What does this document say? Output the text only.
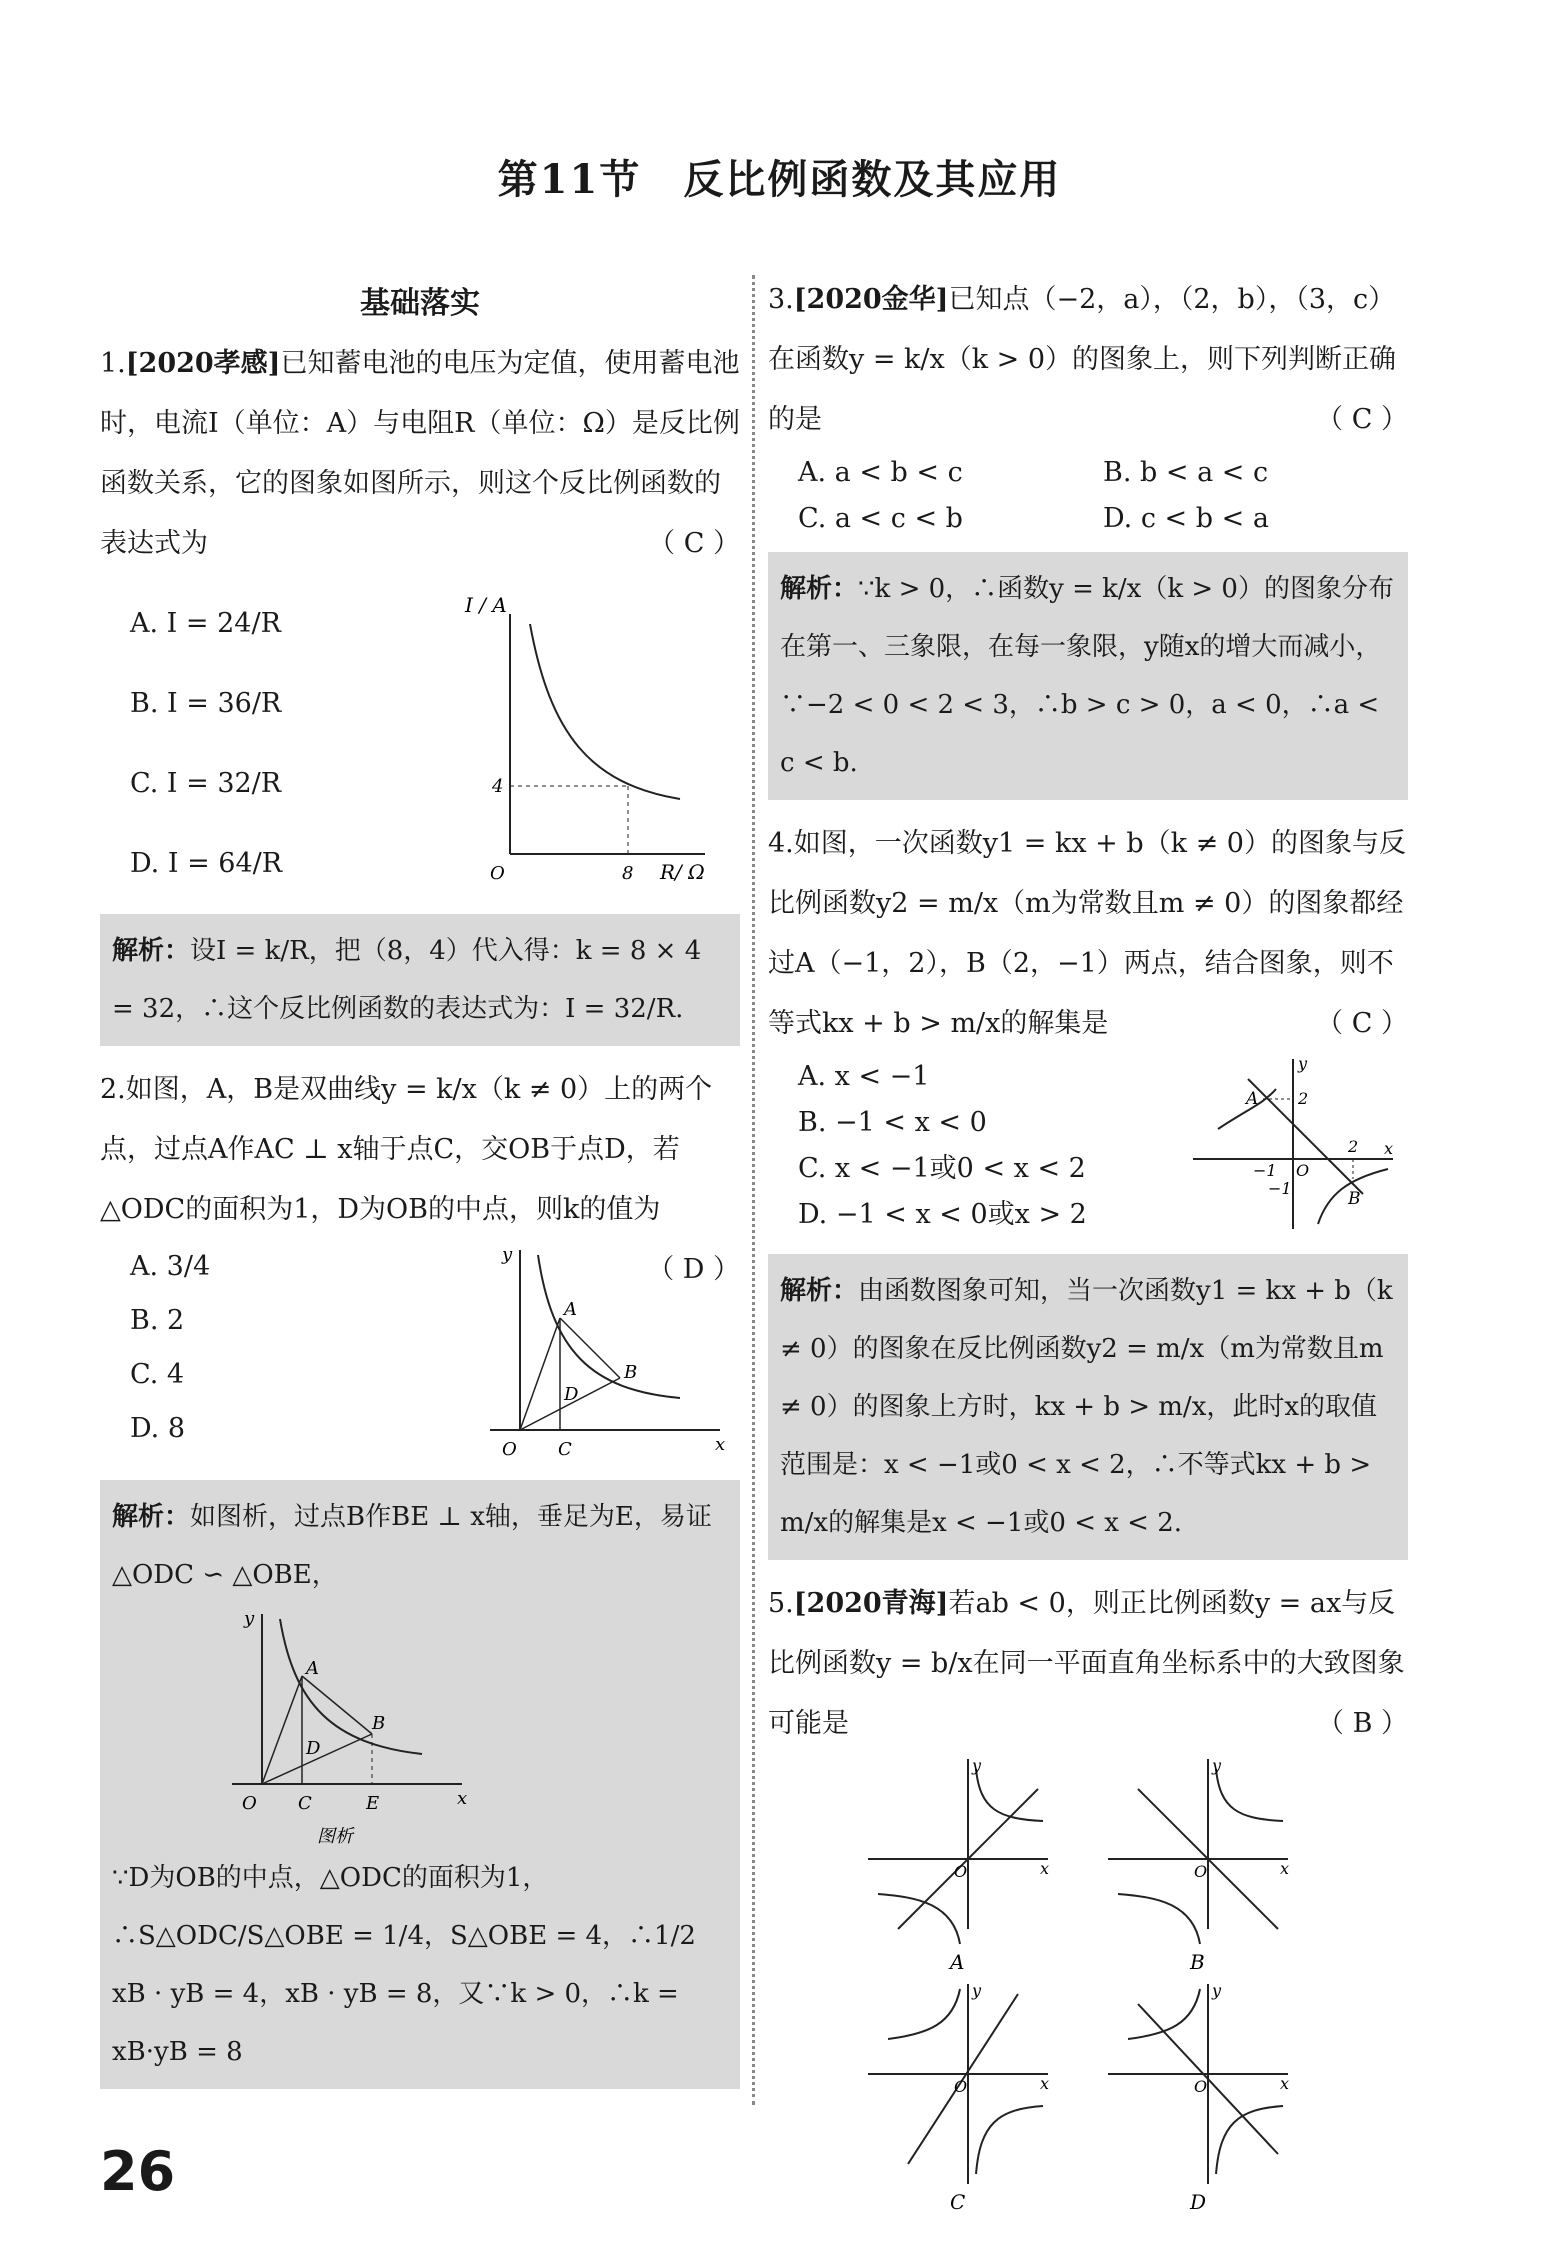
第11节　反比例函数及其应用
基础落实
1.[2020孝感]已知蓄电池的电压为定值，使用蓄电池时，电流I（单位：A）与电阻R（单位：Ω）是反比例函数关系，它的图象如图所示，则这个反比例函数的表达式为	（ C ）
A. I = 24/R
B. I = 36/R
C. I = 32/R
D. I = 64/R
I / A
4
8
O	R/ Ω
解析：设I = k/R，把（8，4）代入得：k = 8 × 4 = 32，∴这个反比例函数的表达式为：I = 32/R.
2.如图，A，B是双曲线y = k/x（k ≠ 0）上的两个点，过点A作AC ⊥ x轴于点C，交OB于点D，若△ODC的面积为1，D为OB的中点，则k的值为
（ D ）
A. 3/4
B. 2
C. 4
D. 8
y
x
O
A
B
C
D
解析：如图析，过点B作BE ⊥ x轴，垂足为E，易证△ODC ∽ △OBE，
y
x
O
A
B
C
D
E
图析
∵D为OB的中点，△ODC的面积为1，∴S△ODC/S△OBE = 1/4，S△OBE = 4，∴1/2 xB · yB = 4，xB · yB = 8，又∵k > 0，∴k = xB·yB = 8
3.[2020金华]已知点（−2，a），（2，b），（3，c）在函数y = k/x（k > 0）的图象上，则下列判断正确的是	（ C ）
A. a < b < c	B. b < a < c
C. a < c < b	D. c < b < a
解析：∵k > 0，∴函数y = k/x（k > 0）的图象分布在第一、三象限，在每一象限，y随x的增大而减小，∵−2 < 0 < 2 < 3，∴b > c > 0，a < 0，∴a < c < b.
4.如图，一次函数y1 = kx + b（k ≠ 0）的图象与反比例函数y2 = m/x（m为常数且m ≠ 0）的图象都经过A（−1，2），B（2，−1）两点，结合图象，则不等式kx + b > m/x的解集是	（ C ）
A. x < −1
B. −1 < x < 0
C. x < −1或0 < x < 2
D. −1 < x < 0或x > 2
A 2
2
−1
−1
O
B
y
x
解析：由函数图象可知，当一次函数y1 = kx + b（k ≠ 0）的图象在反比例函数y2 = m/x（m为常数且m ≠ 0）的图象上方时，kx + b > m/x，此时x的取值范围是：x < −1或0 < x < 2，∴不等式kx + b > m/x的解集是x < −1或0 < x < 2.
5.[2020青海]若ab < 0，则正比例函数y = ax与反比例函数y = b/x在同一平面直角坐标系中的大致图象可能是	（ B ）
y
O	x
A
y
O	x
B
y
O	x
C
y
O	x
D
26
